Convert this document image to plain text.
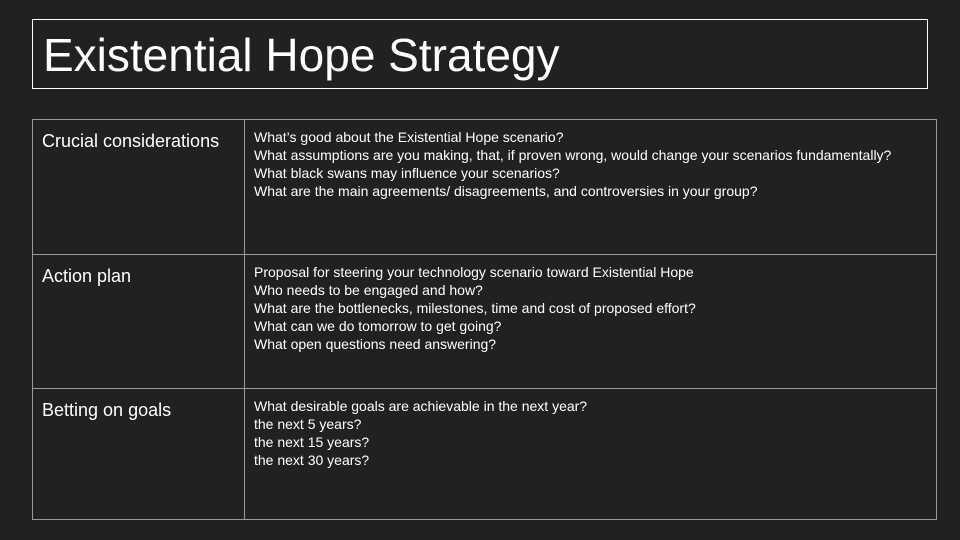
Existential Hope Strategy
Crucial considerations	What’s good about the Existential Hope scenario?
What assumptions are you making, that, if proven wrong, would change your scenarios fundamentally?
What black swans may influence your scenarios?
What are the main agreements/ disagreements, and controversies in your group?

Action plan	Proposal for steering your technology scenario toward Existential Hope
Who needs to be engaged and how?
What are the bottlenecks, milestones, time and cost of proposed effort?
What can we do tomorrow to get going?
What open questions need answering?

Betting on goals	What desirable goals are achievable in the next year?
the next 5 years?
the next 15 years?
the next 30 years?
